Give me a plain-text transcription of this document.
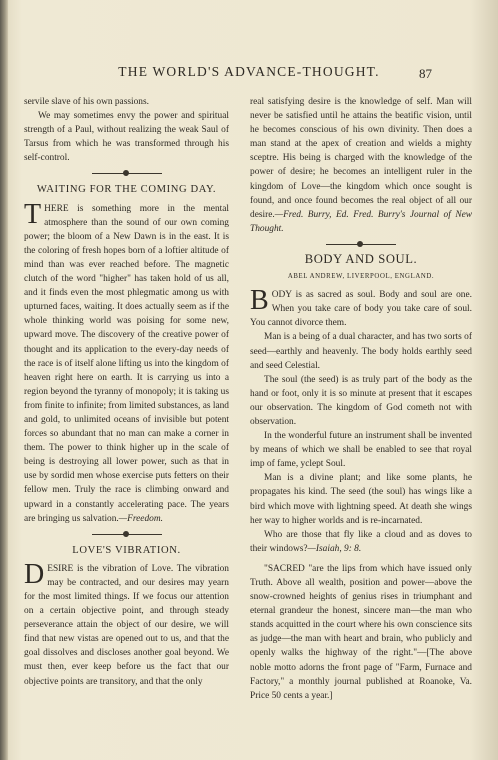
THE WORLD'S ADVANCE-THOUGHT.	87

servile slave of his own passions.

We may sometimes envy the power and spiritual strength of a Paul, without realizing the weak Saul of Tarsus from which he was transformed through his self-control.

WAITING FOR THE COMING DAY.

THERE is something more in the mental atmosphere than the sound of our own coming power; the bloom of a New Dawn is in the east. It is the coloring of fresh hopes born of a loftier altitude of mind than was ever reached before. The magnetic clutch of the word "higher" has taken hold of us all, and it finds even the most phlegmatic among us with upturned faces, waiting. It does actually seem as if the whole thinking world was poising for some new, upward move. The discovery of the creative power of thought and its application to the every-day needs of the race is of itself alone lifting us into the kingdom of heaven right here on earth. It is carrying us into a region beyond the tyranny of monopoly; it is taking us from finite to infinite; from limited substances, as land and gold, to unlimited oceans of invisible but potent forces so abundant that no man can make a corner in them. The power to think higher up in the scale of being is destroying all lower power, such as that in use by sordid men whose exercise puts fetters on their fellow men. Truly the race is climbing onward and upward in a constantly accelerating pace. The years are bringing us salvation.—Freedom.

LOVE'S VIBRATION.

DESIRE is the vibration of Love. The vibration may be contracted, and our desires may yearn for the most limited things. If we focus our attention on a certain objective point, and through steady perseverance attain the object of our desire, we will find that new vistas are opened out to us, and that the goal dissolves and discloses another goal beyond. We must then, ever keep before us the fact that our objective points are transitory, and that the only

real satisfying desire is the knowledge of self. Man will never be satisfied until he attains the beatific vision, until he becomes conscious of his own divinity. Then does a man stand at the apex of creation and wields a mighty sceptre. His being is charged with the knowledge of the power of desire; he becomes an intelligent ruler in the kingdom of Love—the kingdom which once sought is found, and once found becomes the real object of all our desire.—Fred. Burry, Ed. Fred. Burry's Journal of New Thought.

BODY AND SOUL.
ABEL ANDREW, LIVERPOOL, ENGLAND.

BODY is as sacred as soul. Body and soul are one. When you take care of body you take care of soul. You cannot divorce them.

Man is a being of a dual character, and has two sorts of seed—earthly and heavenly. The body holds earthly seed and seed Celestial.

The soul (the seed) is as truly part of the body as the hand or foot, only it is so minute at present that it escapes our observation. The kingdom of God cometh not with observation.

In the wonderful future an instrument shall be invented by means of which we shall be enabled to see that royal imp of fame, yclept Soul.

Man is a divine plant; and like some plants, he propagates his kind. The seed (the soul) has wings like a bird which move with lightning speed. At death she wings her way to higher worlds and is re-incarnated.

Who are those that fly like a cloud and as doves to their windows?—Isaiah, 9: 8.

"SACRED "are the lips from which have issued only Truth. Above all wealth, position and power—above the snow-crowned heights of genius rises in triumphant and eternal grandeur the honest, sincere man—the man who stands acquitted in the court where his own conscience sits as judge—the man with heart and brain, who publicly and openly walks the highway of the right."—[The above noble motto adorns the front page of "Farm, Furnace and Factory," a monthly journal published at Roanoke, Va. Price 50 cents a year.]
